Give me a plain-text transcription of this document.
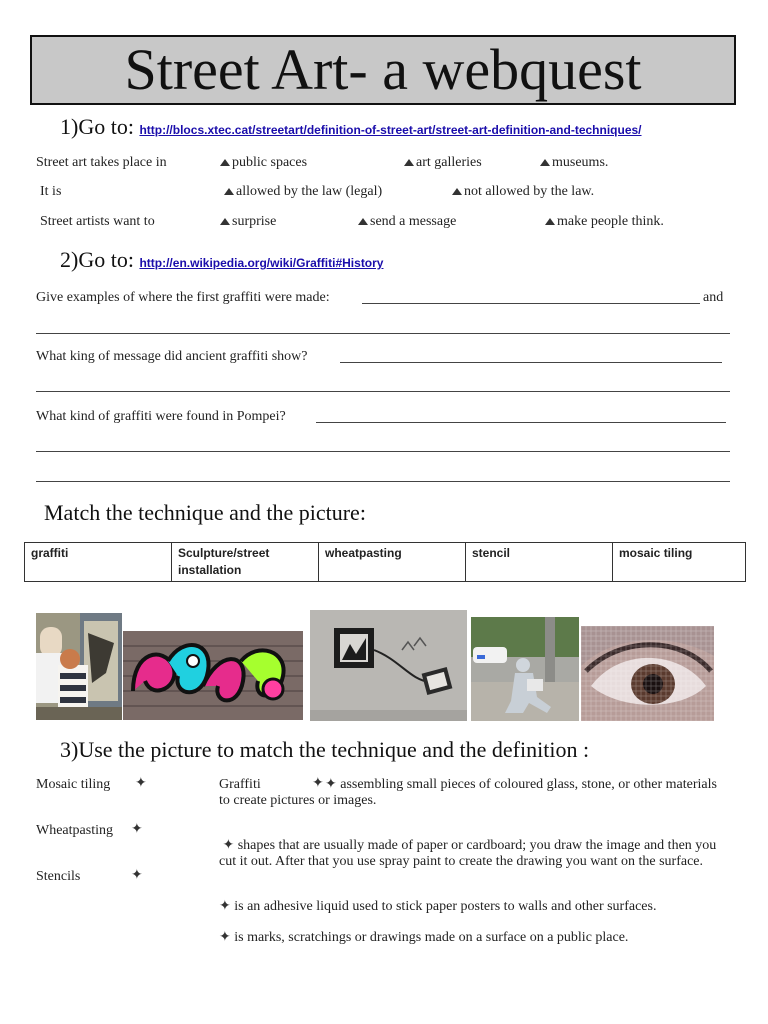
Street Art- a webquest
1)Go to: http://blocs.xtec.cat/streetart/definition-of-street-art/street-art-definition-and-techniques/
Street art takes place in	public spaces	art galleries	museums.
It is	allowed by the law (legal)	not allowed by the law.
Street artists want to	surprise	send a message	make people think.
2)Go to: http://en.wikipedia.org/wiki/Graffiti#History
Give examples of where the first graffiti were made:	and
What king of message did ancient graffiti show?
What kind of graffiti were found in Pompei?
Match the technique and the picture:
graffiti	Sculpture/street installation	wheatpasting	stencil	mosaic tiling
3)Use the picture to match the technique and the definition :
Mosaic tiling ✦
Wheatpasting ✦
Stencils	✦
Graffiti	✦ ✦ assembling small pieces of coloured glass, stone, or other materials to create pictures or images.
✦ shapes that are usually made of paper or cardboard; you draw the image and then you cut it out. After that you use spray paint to create the drawing you want on the surface.
✦ is an adhesive liquid used to stick paper posters to walls and other surfaces.
✦ is marks, scratchings or drawings made on a surface on a public place.
